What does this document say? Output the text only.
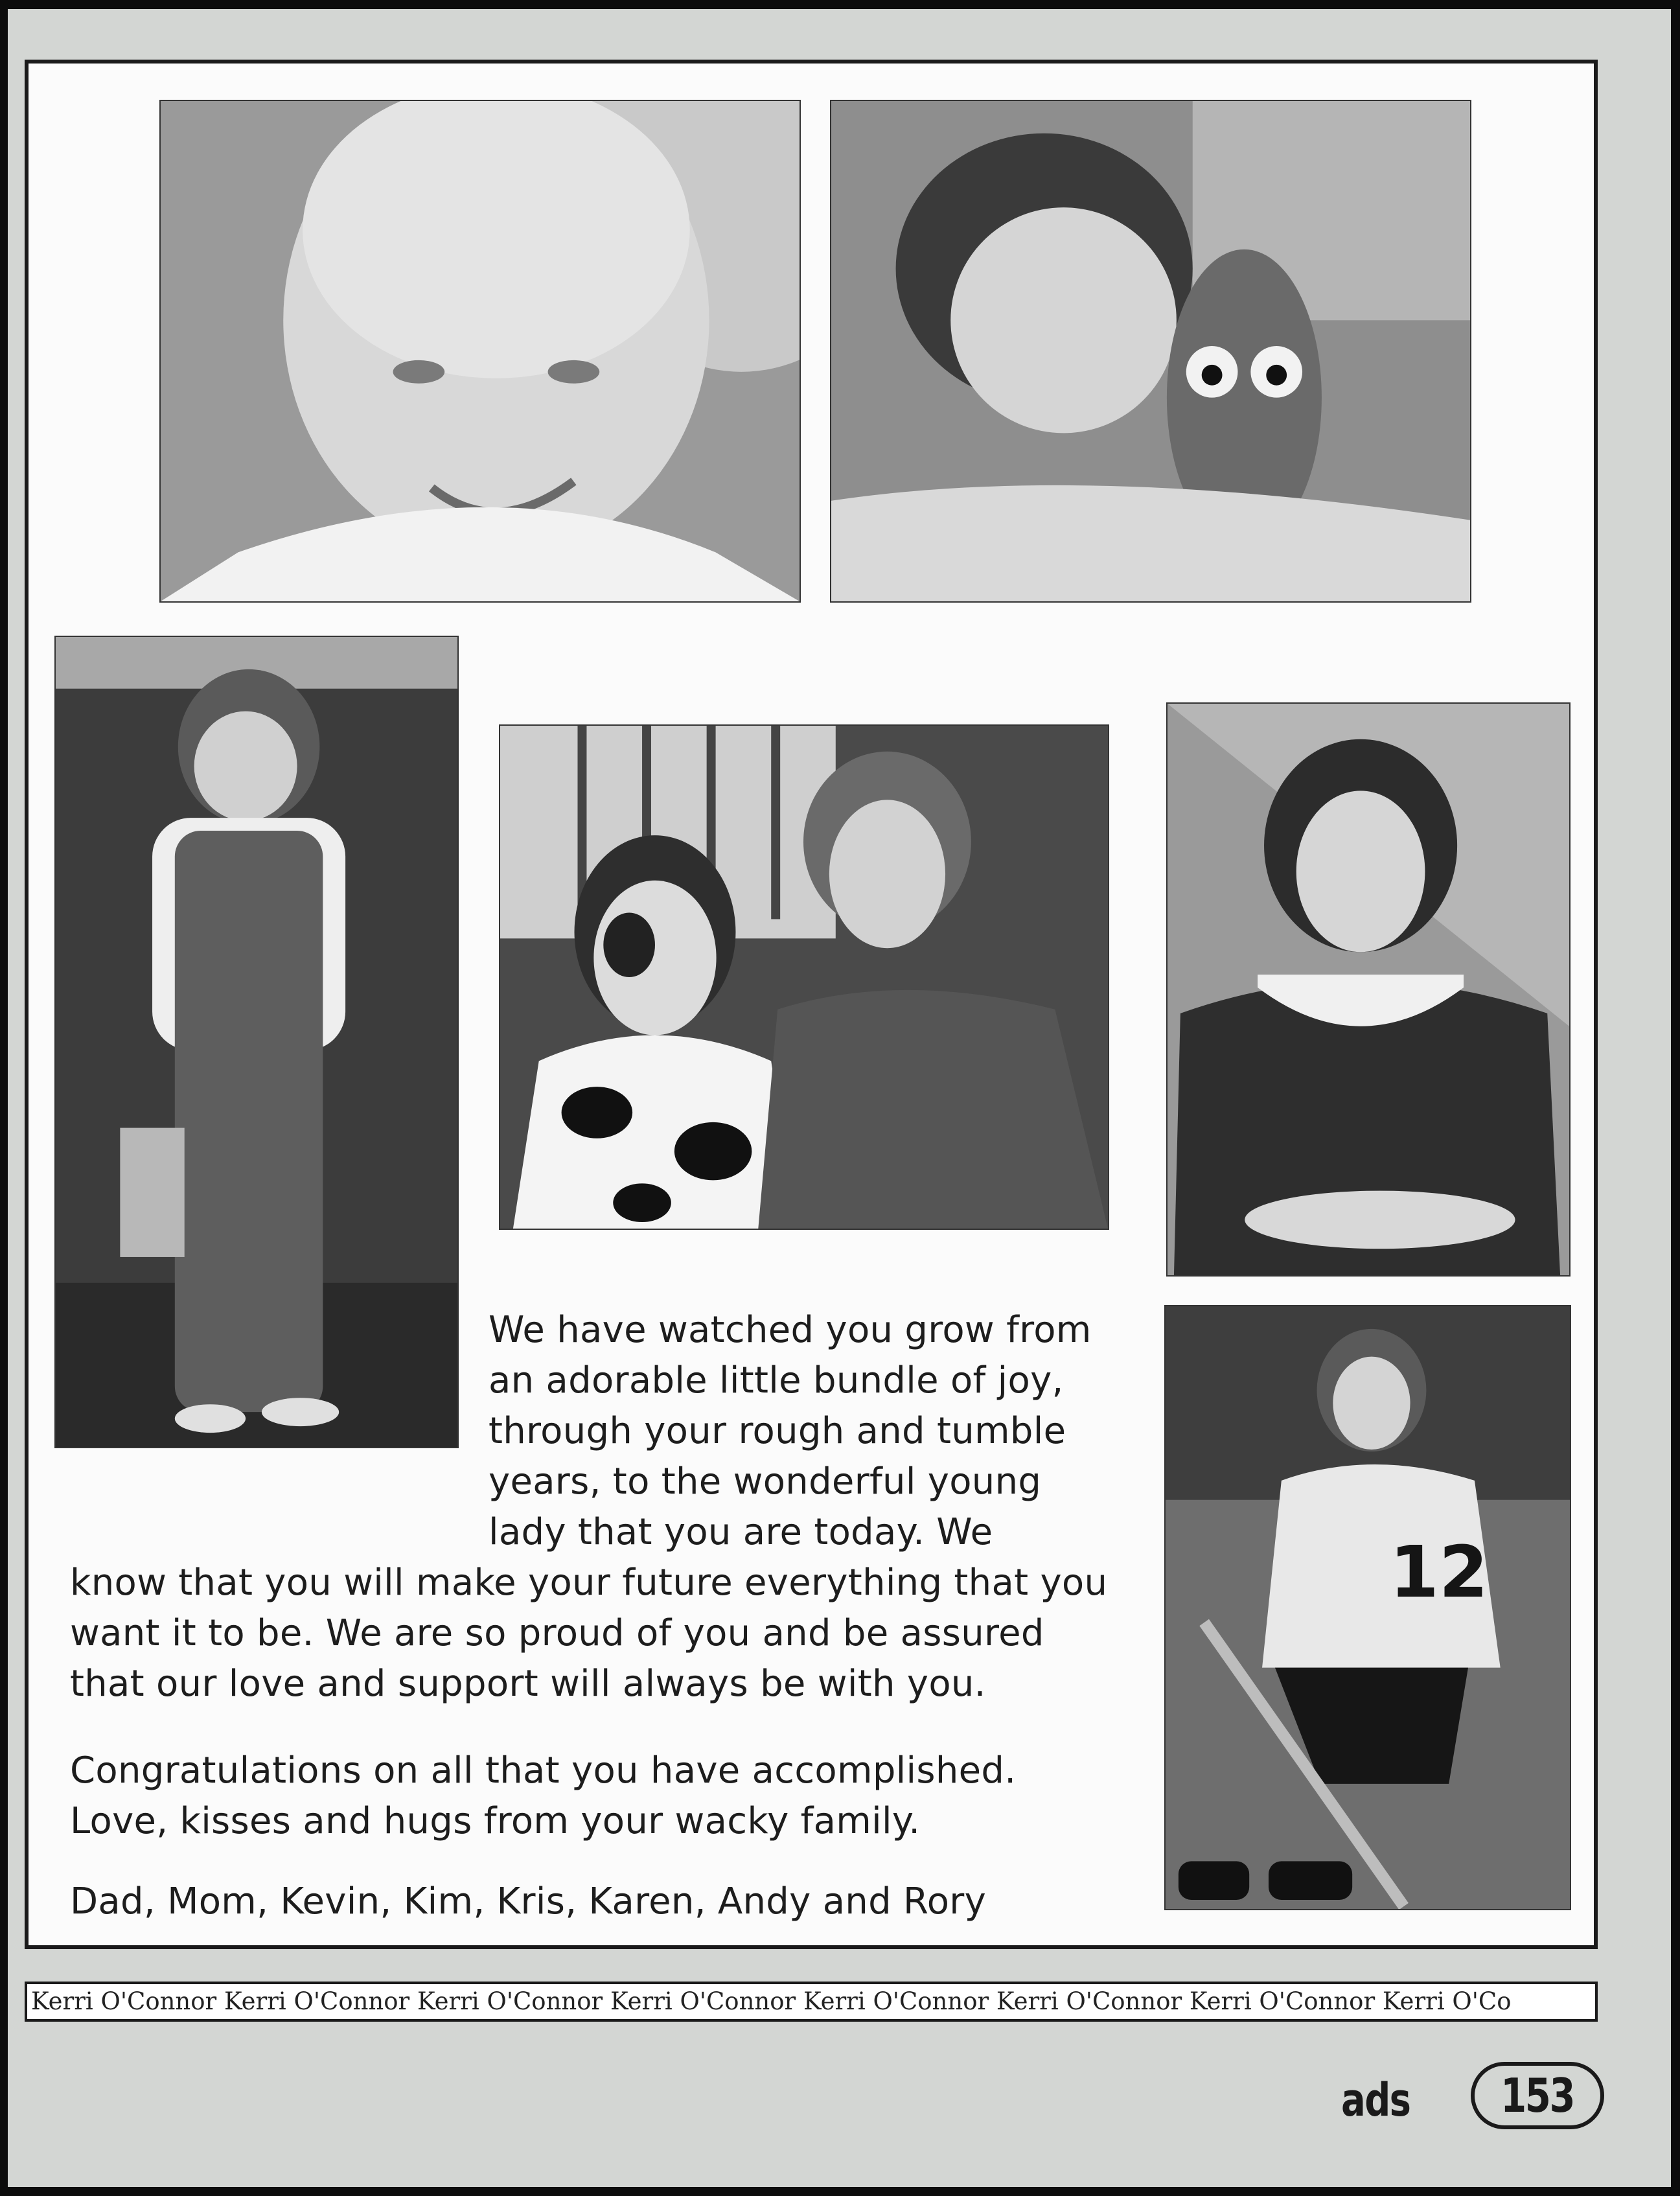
12
We have watched you grow from
an adorable little bundle of joy,
through your rough and tumble
years, to the wonderful young
lady that you are today. We
know that you will make your future everything that you
want it to be. We are so proud of you and be assured
that our love and support will always be with you.
Congratulations on all that you have accomplished.
Love, kisses and hugs from your wacky family.
Dad, Mom, Kevin, Kim, Kris, Karen, Andy and Rory
Kerri O'Connor Kerri O'Connor Kerri O'Connor Kerri O'Connor Kerri O'Connor Kerri O'Connor Kerri O'Connor Kerri O'Co
ads 153
